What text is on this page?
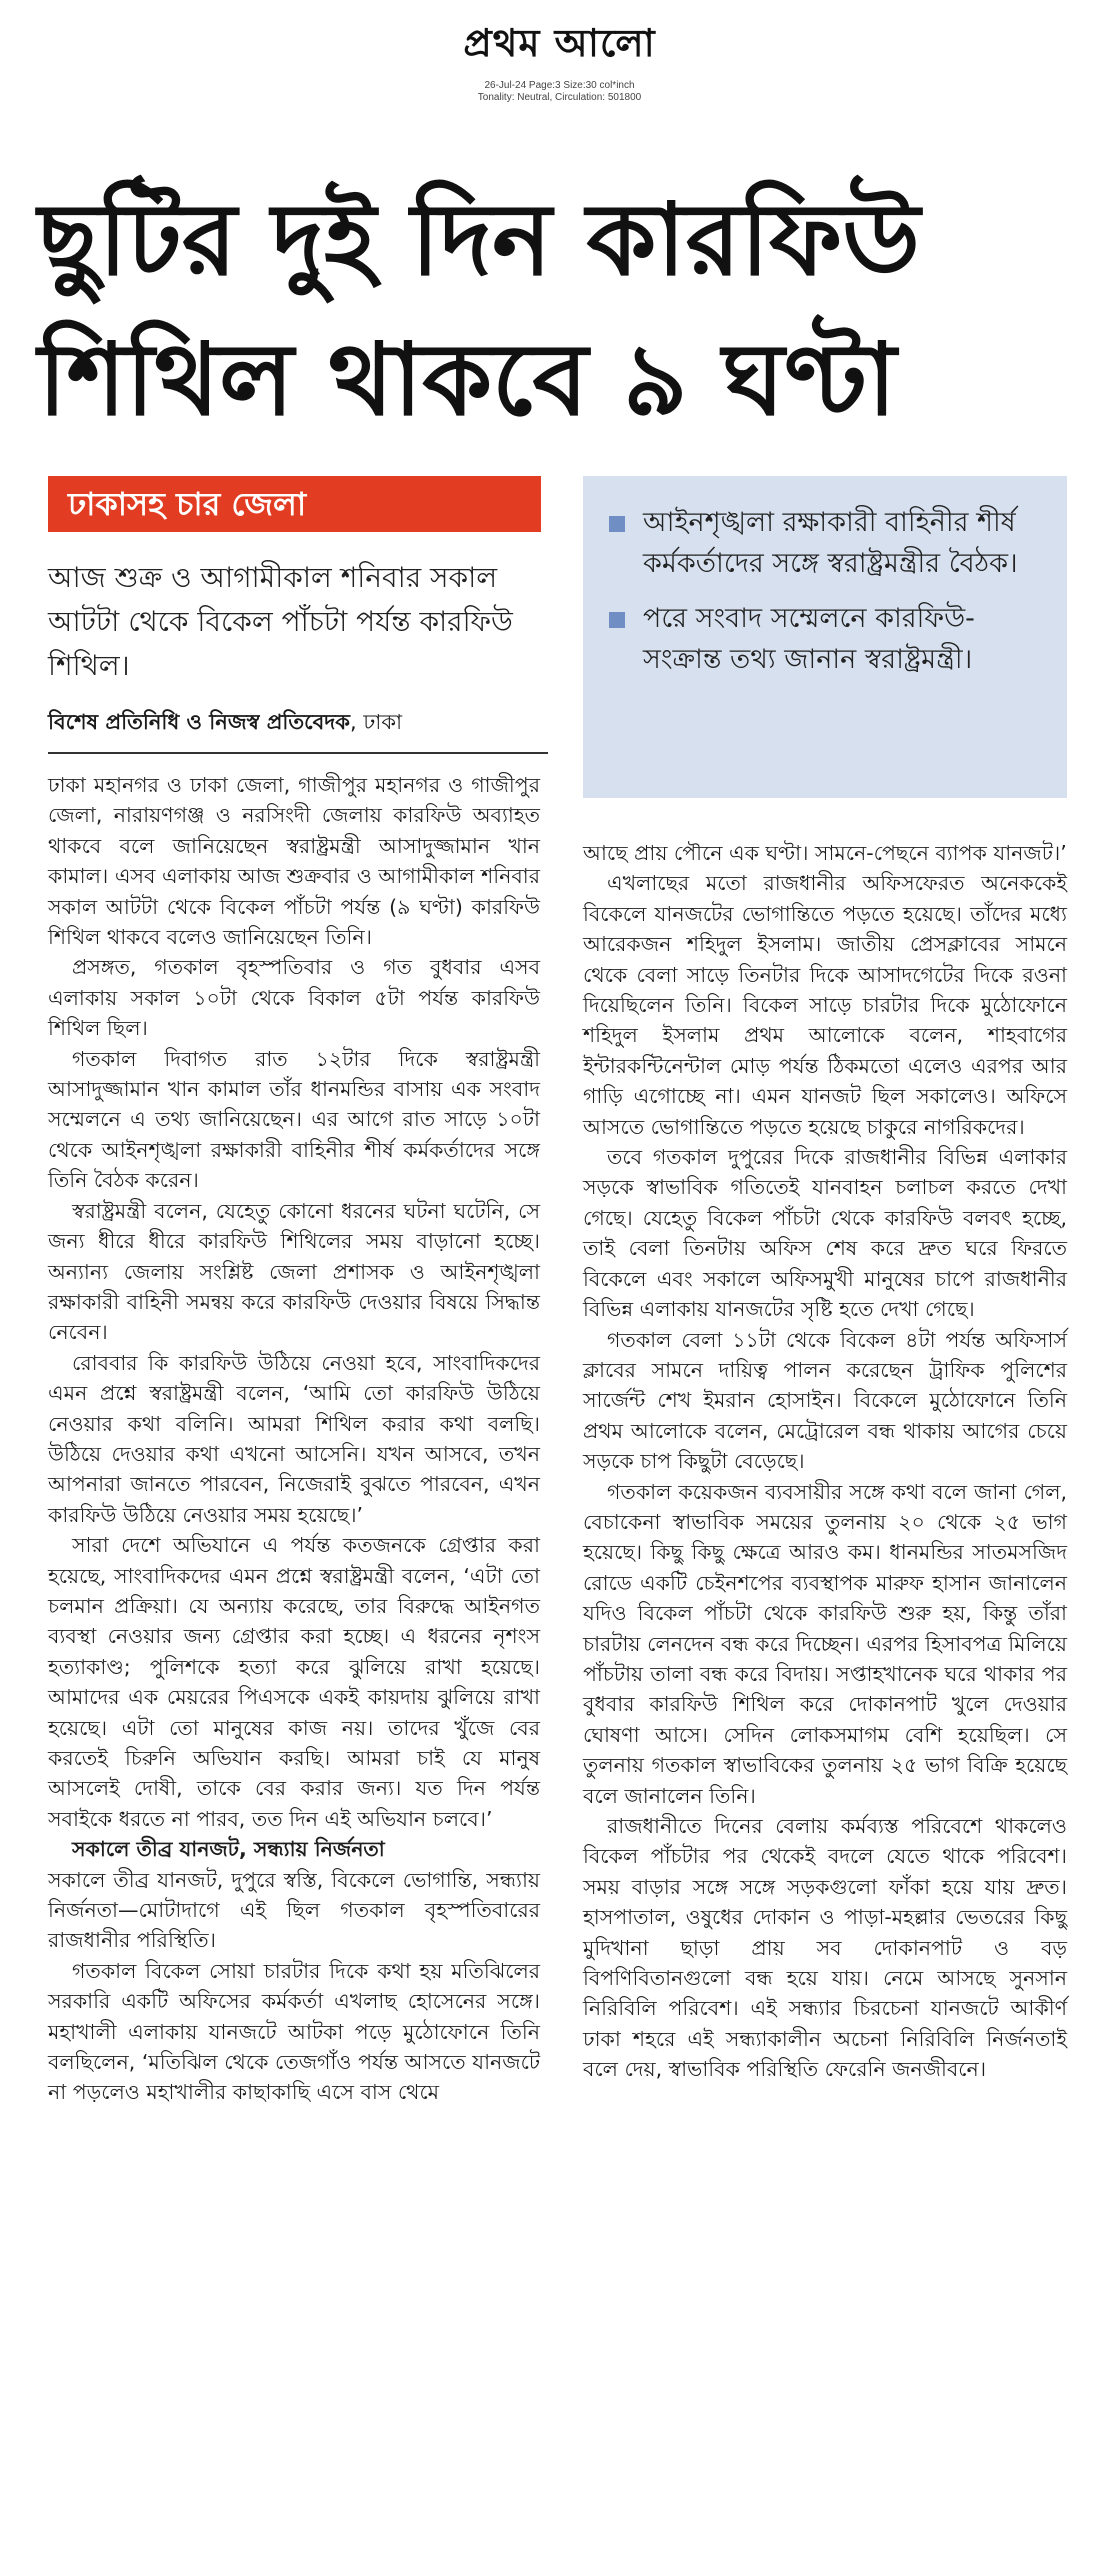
প্রথম আলো
26-Jul-24 Page:3 Size:30 col*inch
Tonality: Neutral, Circulation: 501800
ছুটির দুই দিন কারফিউ
শিথিল থাকবে ৯ ঘণ্টা
ঢাকাসহ চার জেলা
আজ শুক্র ও আগামীকাল শনিবার সকাল আটটা থেকে বিকেল পাঁচটা পর্যন্ত কারফিউ শিথিল।
বিশেষ প্রতিনিধি ও নিজস্ব প্রতিবেদক, ঢাকা
আইনশৃঙ্খলা রক্ষাকারী বাহিনীর শীর্ষ কর্মকর্তাদের সঙ্গে স্বরাষ্ট্রমন্ত্রীর বৈঠক।
পরে সংবাদ সম্মেলনে কারফিউ-সংক্রান্ত তথ্য জানান স্বরাষ্ট্রমন্ত্রী।

ঢাকা মহানগর ও ঢাকা জেলা, গাজীপুর মহানগর ও গাজীপুর জেলা, নারায়ণগঞ্জ ও নরসিংদী জেলায় কারফিউ অব্যাহত থাকবে বলে জানিয়েছেন স্বরাষ্ট্রমন্ত্রী আসাদুজ্জামান খান কামাল। এসব এলাকায় আজ শুক্রবার ও আগামীকাল শনিবার সকাল আটটা থেকে বিকেল পাঁচটা পর্যন্ত (৯ ঘণ্টা) কারফিউ শিথিল থাকবে বলেও জানিয়েছেন তিনি।

প্রসঙ্গত, গতকাল বৃহস্পতিবার ও গত বুধবার এসব এলাকায় সকাল ১০টা থেকে বিকাল ৫টা পর্যন্ত কারফিউ শিথিল ছিল।

গতকাল দিবাগত রাত ১২টার দিকে স্বরাষ্ট্রমন্ত্রী আসাদুজ্জামান খান কামাল তাঁর ধানমন্ডির বাসায় এক সংবাদ সম্মেলনে এ তথ্য জানিয়েছেন। এর আগে রাত সাড়ে ১০টা থেকে আইনশৃঙ্খলা রক্ষাকারী বাহিনীর শীর্ষ কর্মকর্তাদের সঙ্গে তিনি বৈঠক করেন।

স্বরাষ্ট্রমন্ত্রী বলেন, যেহেতু কোনো ধরনের ঘটনা ঘটেনি, সে জন্য ধীরে ধীরে কারফিউ শিথিলের সময় বাড়ানো হচ্ছে। অন্যান্য জেলায় সংশ্লিষ্ট জেলা প্রশাসক ও আইনশৃঙ্খলা রক্ষাকারী বাহিনী সমন্বয় করে কারফিউ দেওয়ার বিষয়ে সিদ্ধান্ত নেবেন।

রোববার কি কারফিউ উঠিয়ে নেওয়া হবে, সাংবাদিকদের এমন প্রশ্নে স্বরাষ্ট্রমন্ত্রী বলেন, ‘আমি তো কারফিউ উঠিয়ে নেওয়ার কথা বলিনি। আমরা শিথিল করার কথা বলছি। উঠিয়ে দেওয়ার কথা এখনো আসেনি। যখন আসবে, তখন আপনারা জানতে পারবেন, নিজেরাই বুঝতে পারবেন, এখন কারফিউ উঠিয়ে নেওয়ার সময় হয়েছে।’

সারা দেশে অভিযানে এ পর্যন্ত কতজনকে গ্রেপ্তার করা হয়েছে, সাংবাদিকদের এমন প্রশ্নে স্বরাষ্ট্রমন্ত্রী বলেন, ‘এটা তো চলমান প্রক্রিয়া। যে অন্যায় করেছে, তার বিরুদ্ধে আইনগত ব্যবস্থা নেওয়ার জন্য গ্রেপ্তার করা হচ্ছে। এ ধরনের নৃশংস হত্যাকাণ্ড; পুলিশকে হত্যা করে ঝুলিয়ে রাখা হয়েছে। আমাদের এক মেয়রের পিএসকে একই কায়দায় ঝুলিয়ে রাখা হয়েছে। এটা তো মানুষের কাজ নয়। তাদের খুঁজে বের করতেই চিরুনি অভিযান করছি। আমরা চাই যে মানুষ আসলেই দোষী, তাকে বের করার জন্য। যত দিন পর্যন্ত সবাইকে ধরতে না পারব, তত দিন এই অভিযান চলবে।’

সকালে তীব্র যানজট, সন্ধ্যায় নির্জনতা

সকালে তীব্র যানজট, দুপুরে স্বস্তি, বিকেলে ভোগান্তি, সন্ধ্যায় নির্জনতা—মোটাদাগে এই ছিল গতকাল বৃহস্পতিবারের রাজধানীর পরিস্থিতি।

গতকাল বিকেল সোয়া চারটার দিকে কথা হয় মতিঝিলের সরকারি একটি অফিসের কর্মকর্তা এখলাছ হোসেনের সঙ্গে। মহাখালী এলাকায় যানজটে আটকা পড়ে মুঠোফোনে তিনি বলছিলেন, ‘মতিঝিল থেকে তেজগাঁও পর্যন্ত আসতে যানজটে না পড়লেও মহাখালীর কাছাকাছি এসে বাস থেমে

আছে প্রায় পৌনে এক ঘণ্টা। সামনে-পেছনে ব্যাপক যানজট।’

এখলাছের মতো রাজধানীর অফিসফেরত অনেককেই বিকেলে যানজটের ভোগান্তিতে পড়তে হয়েছে। তাঁদের মধ্যে আরেকজন শহিদুল ইসলাম। জাতীয় প্রেসক্লাবের সামনে থেকে বেলা সাড়ে তিনটার দিকে আসাদগেটের দিকে রওনা দিয়েছিলেন তিনি। বিকেল সাড়ে চারটার দিকে মুঠোফোনে শহিদুল ইসলাম প্রথম আলোকে বলেন, শাহবাগের ইন্টারকন্টিনেন্টাল মোড় পর্যন্ত ঠিকমতো এলেও এরপর আর গাড়ি এগোচ্ছে না। এমন যানজট ছিল সকালেও। অফিসে আসতে ভোগান্তিতে পড়তে হয়েছে চাকুরে নাগরিকদের।

তবে গতকাল দুপুরের দিকে রাজধানীর বিভিন্ন এলাকার সড়কে স্বাভাবিক গতিতেই যানবাহন চলাচল করতে দেখা গেছে। যেহেতু বিকেল পাঁচটা থেকে কারফিউ বলবৎ হচ্ছে, তাই বেলা তিনটায় অফিস শেষ করে দ্রুত ঘরে ফিরতে বিকেলে এবং সকালে অফিসমুখী মানুষের চাপে রাজধানীর বিভিন্ন এলাকায় যানজটের সৃষ্টি হতে দেখা গেছে।

গতকাল বেলা ১১টা থেকে বিকেল ৪টা পর্যন্ত অফিসার্স ক্লাবের সামনে দায়িত্ব পালন করেছেন ট্রাফিক পুলিশের সার্জেন্ট শেখ ইমরান হোসাইন। বিকেলে মুঠোফোনে তিনি প্রথম আলোকে বলেন, মেট্রোরেল বন্ধ থাকায় আগের চেয়ে সড়কে চাপ কিছুটা বেড়েছে।

গতকাল কয়েকজন ব্যবসায়ীর সঙ্গে কথা বলে জানা গেল, বেচাকেনা স্বাভাবিক সময়ের তুলনায় ২০ থেকে ২৫ ভাগ হয়েছে। কিছু কিছু ক্ষেত্রে আরও কম। ধানমন্ডির সাতমসজিদ রোডে একটি চেইনশপের ব্যবস্থাপক মারুফ হাসান জানালেন যদিও বিকেল পাঁচটা থেকে কারফিউ শুরু হয়, কিন্তু তাঁরা চারটায় লেনদেন বন্ধ করে দিচ্ছেন। এরপর হিসাবপত্র মিলিয়ে পাঁচটায় তালা বন্ধ করে বিদায়। সপ্তাহখানেক ঘরে থাকার পর বুধবার কারফিউ শিথিল করে দোকানপাট খুলে দেওয়ার ঘোষণা আসে। সেদিন লোকসমাগম বেশি হয়েছিল। সে তুলনায় গতকাল স্বাভাবিকের তুলনায় ২৫ ভাগ বিক্রি হয়েছে বলে জানালেন তিনি।

রাজধানীতে দিনের বেলায় কর্মব্যস্ত পরিবেশে থাকলেও বিকেল পাঁচটার পর থেকেই বদলে যেতে থাকে পরিবেশ। সময় বাড়ার সঙ্গে সঙ্গে সড়কগুলো ফাঁকা হয়ে যায় দ্রুত। হাসপাতাল, ওষুধের দোকান ও পাড়া-মহল্লার ভেতরের কিছু মুদিখানা ছাড়া প্রায় সব দোকানপাট ও বড় বিপণিবিতানগুলো বন্ধ হয়ে যায়। নেমে আসছে সুনসান নিরিবিলি পরিবেশ। এই সন্ধ্যার চিরচেনা যানজটে আকীর্ণ ঢাকা শহরে এই সন্ধ্যাকালীন অচেনা নিরিবিলি নির্জনতাই বলে দেয়, স্বাভাবিক পরিস্থিতি ফেরেনি জনজীবনে।
